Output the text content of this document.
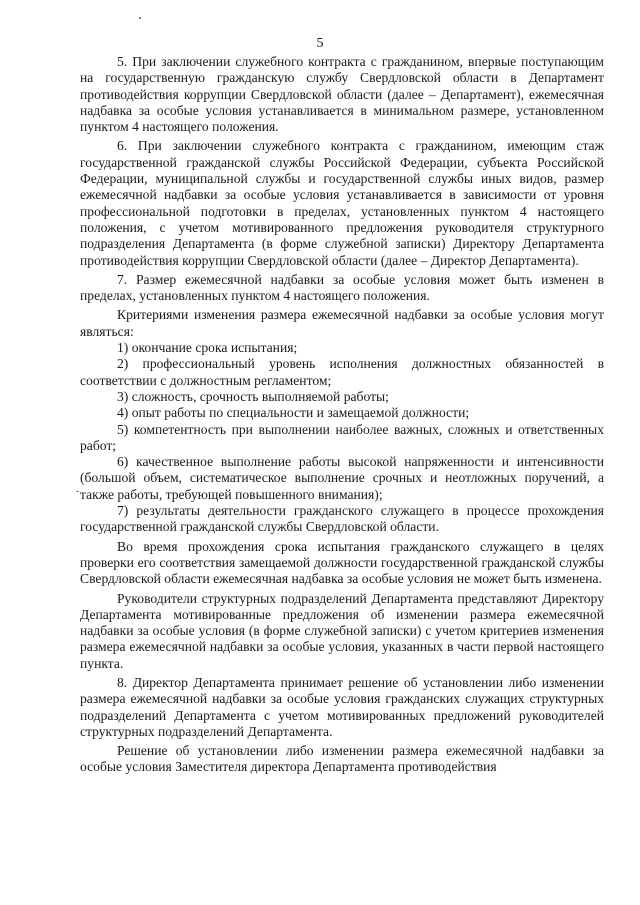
5

5. При заключении служебного контракта с гражданином, впервые поступающим на государственную гражданскую службу Свердловской области в Департамент противодействия коррупции Свердловской области (далее – Департамент), ежемесячная надбавка за особые условия устанавливается в минимальном размере, установленном пунктом 4 настоящего положения.

6. При заключении служебного контракта с гражданином, имеющим стаж государственной гражданской службы Российской Федерации, субъекта Российской Федерации, муниципальной службы и государственной службы иных видов, размер ежемесячной надбавки за особые условия устанавливается в зависимости от уровня профессиональной подготовки в пределах, установленных пунктом 4 настоящего положения, с учетом мотивированного предложения руководителя структурного подразделения Департамента (в форме служебной записки) Директору Департамента противодействия коррупции Свердловской области (далее – Директор Департамента).

7. Размер ежемесячной надбавки за особые условия может быть изменен в пределах, установленных пунктом 4 настоящего положения.

Критериями изменения размера ежемесячной надбавки за особые условия могут являться:

1) окончание срока испытания;

2) профессиональный уровень исполнения должностных обязанностей в соответствии с должностным регламентом;

3) сложность, срочность выполняемой работы;

4) опыт работы по специальности и замещаемой должности;

5) компетентность при выполнении наиболее важных, сложных и ответственных работ;

6) качественное выполнение работы высокой напряженности и интенсивности (большой объем, систематическое выполнение срочных и неотложных поручений, а также работы, требующей повышенного внимания);

7) результаты деятельности гражданского служащего в процессе прохождения государственной гражданской службы Свердловской области.

Во время прохождения срока испытания гражданского служащего в целях проверки его соответствия замещаемой должности государственной гражданской службы Свердловской области ежемесячная надбавка за особые условия не может быть изменена.

Руководители структурных подразделений Департамента представляют Директору Департамента мотивированные предложения об изменении размера ежемесячной надбавки за особые условия (в форме служебной записки) с учетом критериев изменения размера ежемесячной надбавки за особые условия, указанных в части первой настоящего пункта.

8. Директор Департамента принимает решение об установлении либо изменении размера ежемесячной надбавки за особые условия гражданских служащих структурных подразделений Департамента с учетом мотивированных предложений руководителей структурных подразделений Департамента.

Решение об установлении либо изменении размера ежемесячной надбавки за особые условия Заместителя директора Департамента противодействия
